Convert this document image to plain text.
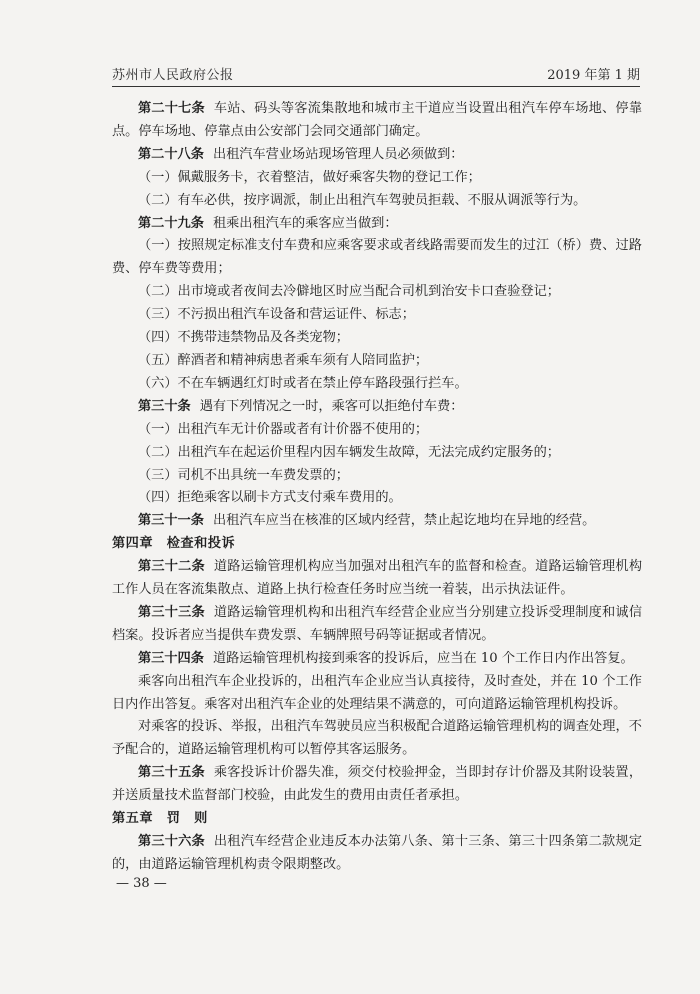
苏州市人民政府公报	2019 年第 1 期

第二十七条 车站、码头等客流集散地和城市主干道应当设置出租汽车停车场地、停靠点。停车场地、停靠点由公安部门会同交通部门确定。

第二十八条 出租汽车营业场站现场管理人员必须做到：

（一）佩戴服务卡，衣着整洁，做好乘客失物的登记工作；

（二）有车必供，按序调派，制止出租汽车驾驶员拒载、不服从调派等行为。

第二十九条 租乘出租汽车的乘客应当做到：

（一）按照规定标准支付车费和应乘客要求或者线路需要而发生的过江（桥）费、过路费、停车费等费用；

（二）出市境或者夜间去冷僻地区时应当配合司机到治安卡口查验登记；

（三）不污损出租汽车设备和营运证件、标志；

（四）不携带违禁物品及各类宠物；

（五）醉酒者和精神病患者乘车须有人陪同监护；

（六）不在车辆遇红灯时或者在禁止停车路段强行拦车。

第三十条 遇有下列情况之一时，乘客可以拒绝付车费：

（一）出租汽车无计价器或者有计价器不使用的；

（二）出租汽车在起运价里程内因车辆发生故障，无法完成约定服务的；

（三）司机不出具统一车费发票的；

（四）拒绝乘客以刷卡方式支付乘车费用的。

第三十一条 出租汽车应当在核准的区域内经营，禁止起讫地均在异地的经营。

第四章　检查和投诉

第三十二条 道路运输管理机构应当加强对出租汽车的监督和检查。道路运输管理机构工作人员在客流集散点、道路上执行检查任务时应当统一着装，出示执法证件。

第三十三条 道路运输管理机构和出租汽车经营企业应当分别建立投诉受理制度和诚信档案。投诉者应当提供车费发票、车辆牌照号码等证据或者情况。

第三十四条 道路运输管理机构接到乘客的投诉后，应当在 10 个工作日内作出答复。

乘客向出租汽车企业投诉的，出租汽车企业应当认真接待，及时查处，并在 10 个工作日内作出答复。乘客对出租汽车企业的处理结果不满意的，可向道路运输管理机构投诉。

对乘客的投诉、举报，出租汽车驾驶员应当积极配合道路运输管理机构的调查处理，不予配合的，道路运输管理机构可以暂停其客运服务。

第三十五条 乘客投诉计价器失准，须交付校验押金，当即封存计价器及其附设装置，并送质量技术监督部门校验，由此发生的费用由责任者承担。

第五章　罚　则

第三十六条 出租汽车经营企业违反本办法第八条、第十三条、第三十四条第二款规定的，由道路运输管理机构责令限期整改。

— 38 —
